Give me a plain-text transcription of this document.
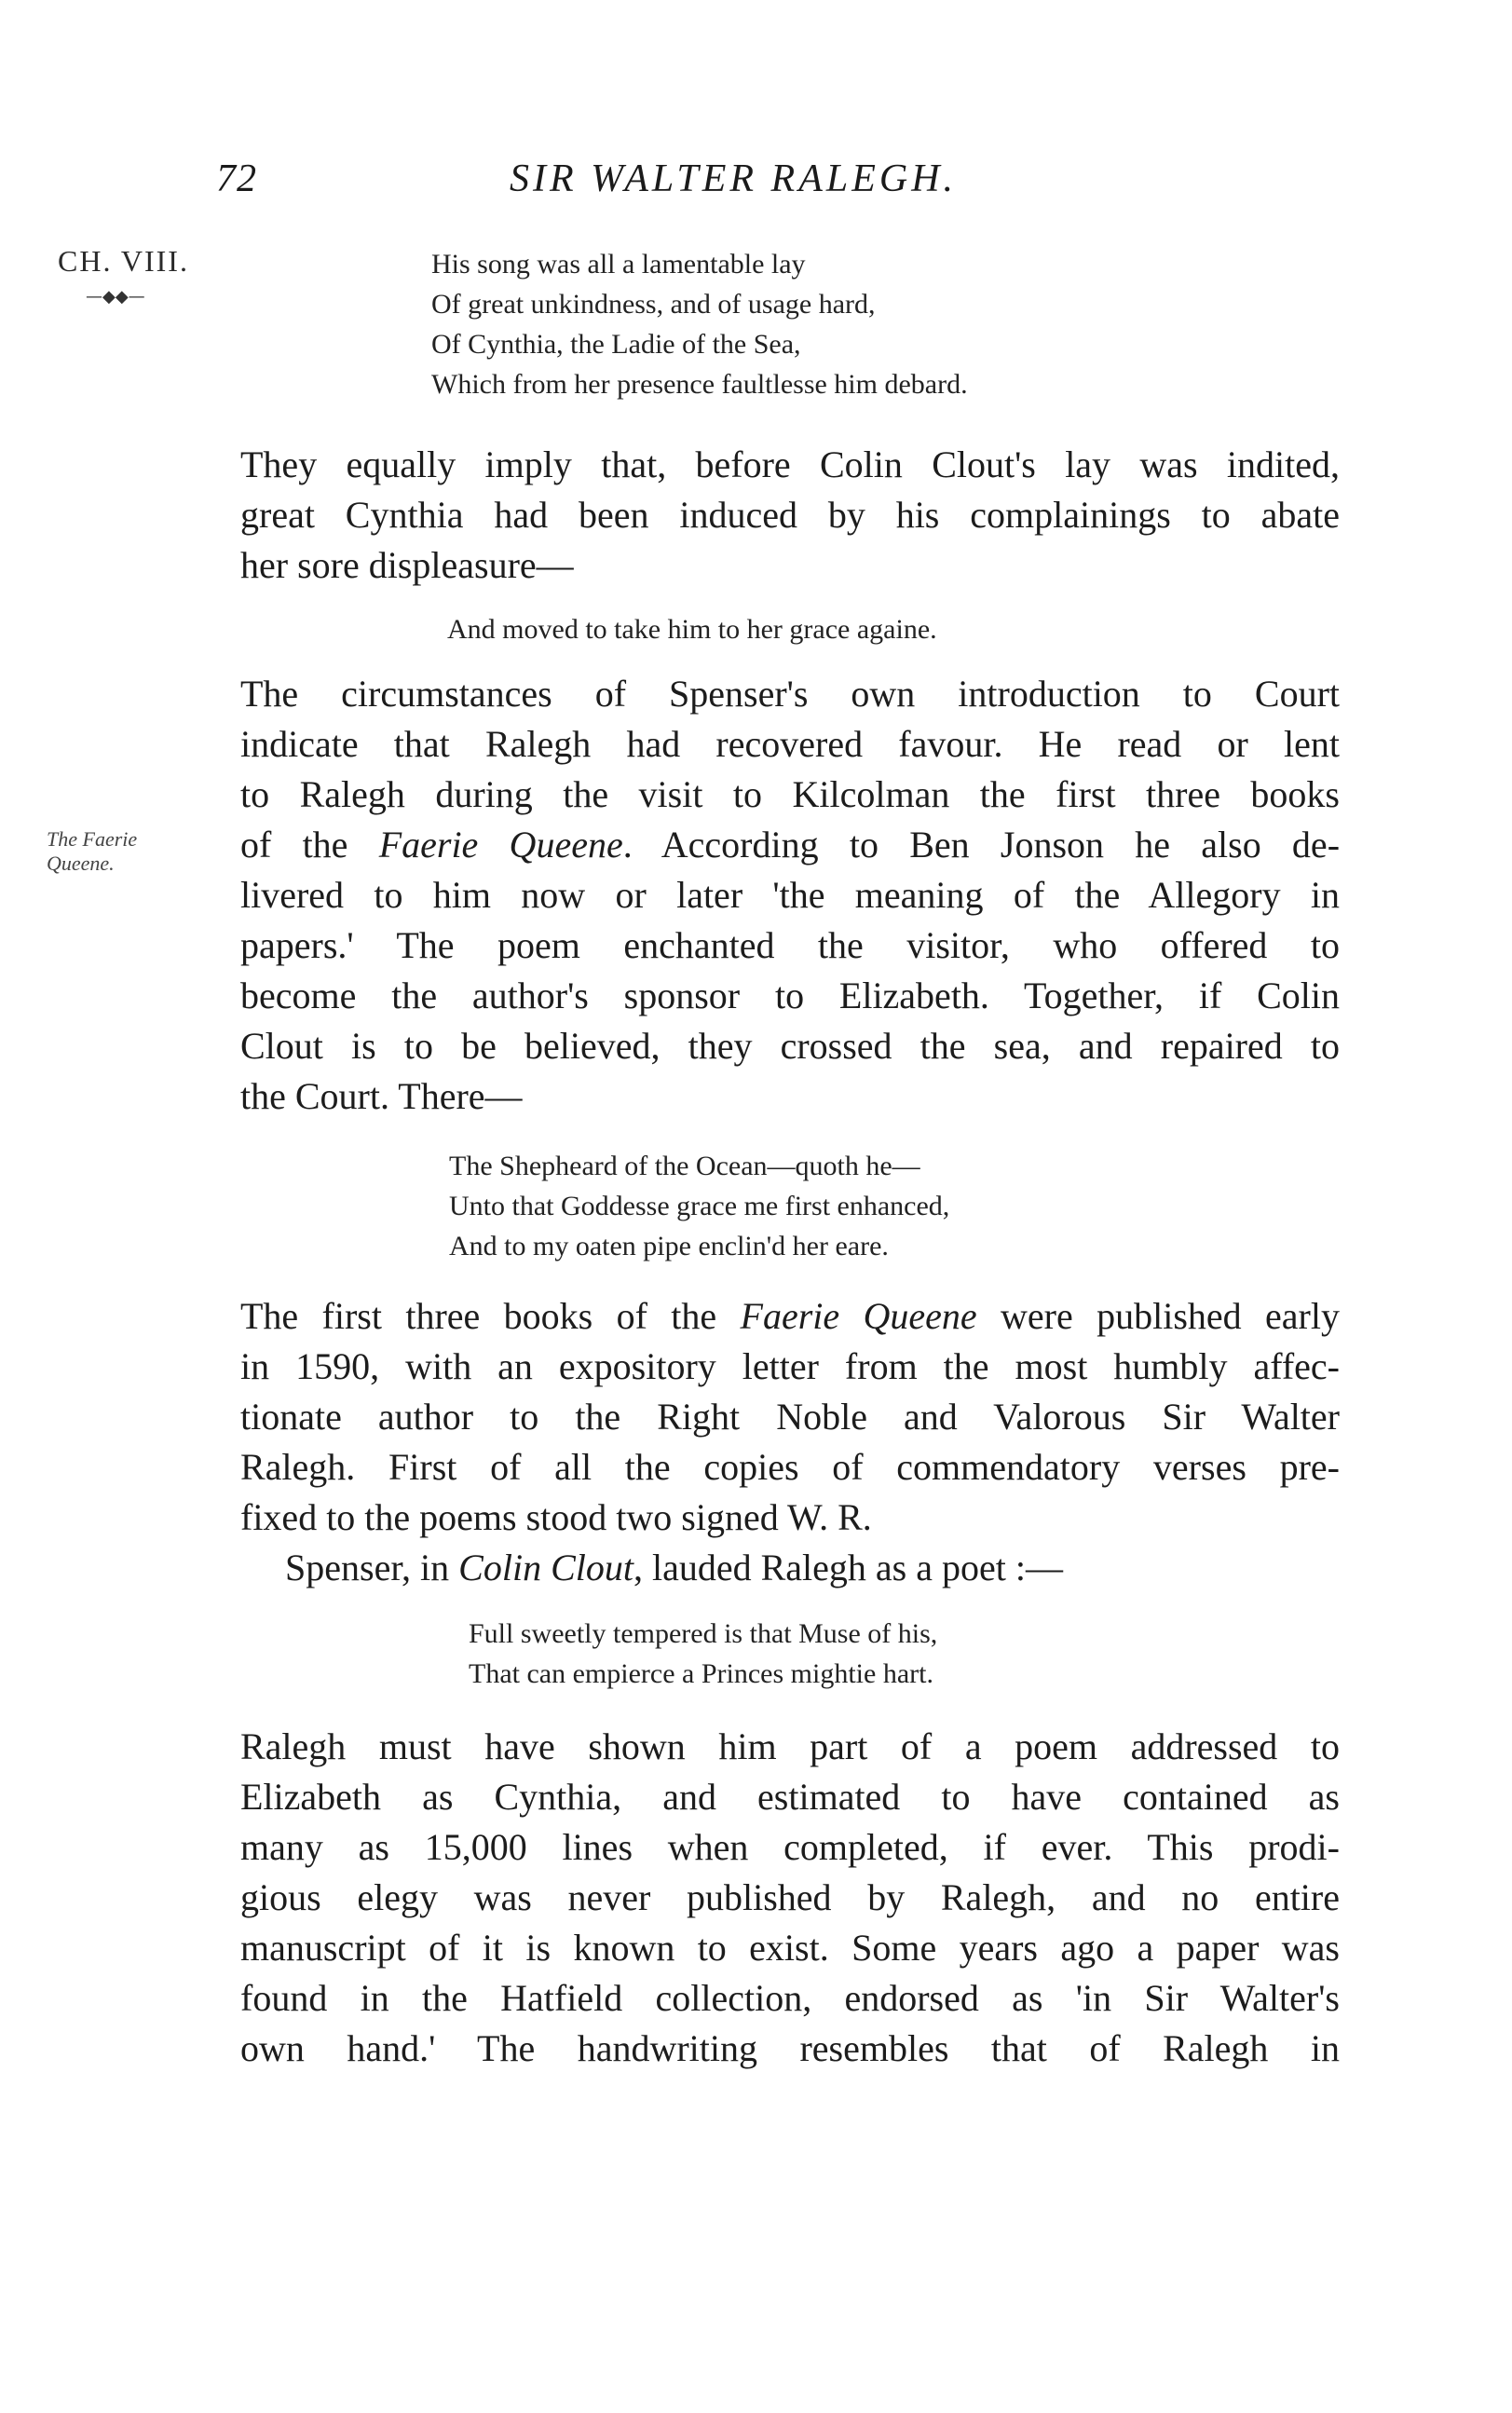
72	SIR WALTER RALEGH.
CH. VIII.
—◆◆—
The Faerie
Queene.
His song was all a lamentable lay
Of great unkindness, and of usage hard,
Of Cynthia, the Ladie of the Sea,
Which from her presence faultlesse him debard.
They equally imply that, before Colin Clout's lay was indited,
great Cynthia had been induced by his complainings to abate
her sore displeasure—
And moved to take him to her grace againe.
The circumstances of Spenser's own introduction to Court
indicate that Ralegh had recovered favour. He read or lent
to Ralegh during the visit to Kilcolman the first three books
of the Faerie Queene. According to Ben Jonson he also de-
livered to him now or later 'the meaning of the Allegory in
papers.' The poem enchanted the visitor, who offered to
become the author's sponsor to Elizabeth. Together, if Colin
Clout is to be believed, they crossed the sea, and repaired to
the Court. There—
The Shepheard of the Ocean—quoth he—
Unto that Goddesse grace me first enhanced,
And to my oaten pipe enclin'd her eare.
The first three books of the Faerie Queene were published early
in 1590, with an expository letter from the most humbly affec-
tionate author to the Right Noble and Valorous Sir Walter
Ralegh. First of all the copies of commendatory verses pre-
fixed to the poems stood two signed W. R.
Spenser, in Colin Clout, lauded Ralegh as a poet :—
Full sweetly tempered is that Muse of his,
That can empierce a Princes mightie hart.
Ralegh must have shown him part of a poem addressed to
Elizabeth as Cynthia, and estimated to have contained as
many as 15,000 lines when completed, if ever. This prodi-
gious elegy was never published by Ralegh, and no entire
manuscript of it is known to exist. Some years ago a paper was
found in the Hatfield collection, endorsed as 'in Sir Walter's
own hand.' The handwriting resembles that of Ralegh in
